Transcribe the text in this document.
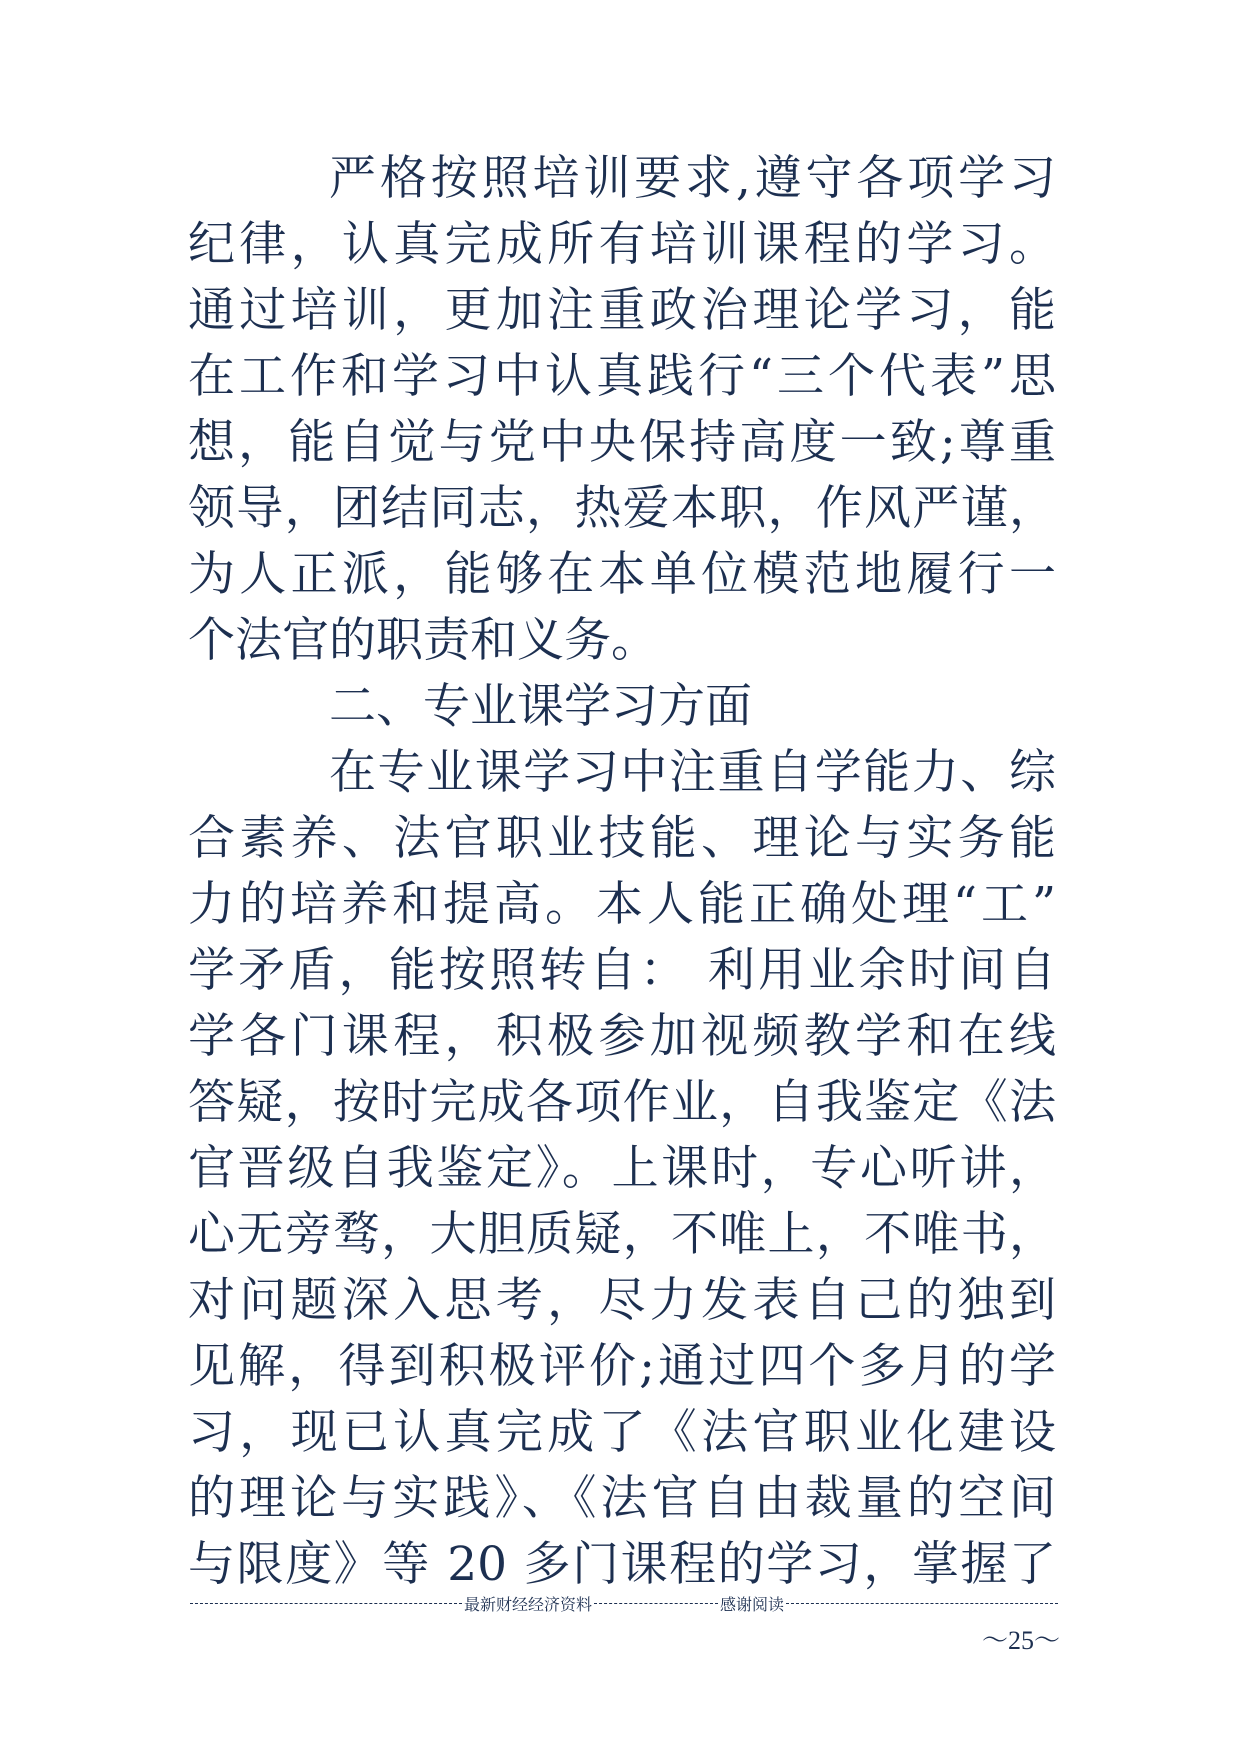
严格按照培训要求,遵守各项学习
纪律，认真完成所有培训课程的学习。
通过培训，更加注重政治理论学习，能
在工作和学习中认真践行“三个代表”思
想，能自觉与党中央保持高度一致;尊重
领导，团结同志，热爱本职，作风严谨，
为人正派，能够在本单位模范地履行一
个法官的职责和义务。
二、专业课学习方面
在专业课学习中注重自学能力、综
合素养、法官职业技能、理论与实务能
力的培养和提高。本人能正确处理“工”
学矛盾，能按照转自： 利用业余时间自
学各门课程，积极参加视频教学和在线
答疑，按时完成各项作业，自我鉴定《法
官晋级自我鉴定》。上课时，专心听讲，
心无旁骛，大胆质疑，不唯上，不唯书，
对问题深入思考，尽力发表自己的独到
见解，得到积极评价;通过四个多月的学
习，现已认真完成了《法官职业化建设
的理论与实践》、《法官自由裁量的空间
与限度》等 20 多门课程的学习，掌握了
最新财经经济资料	感谢阅读
～25～
